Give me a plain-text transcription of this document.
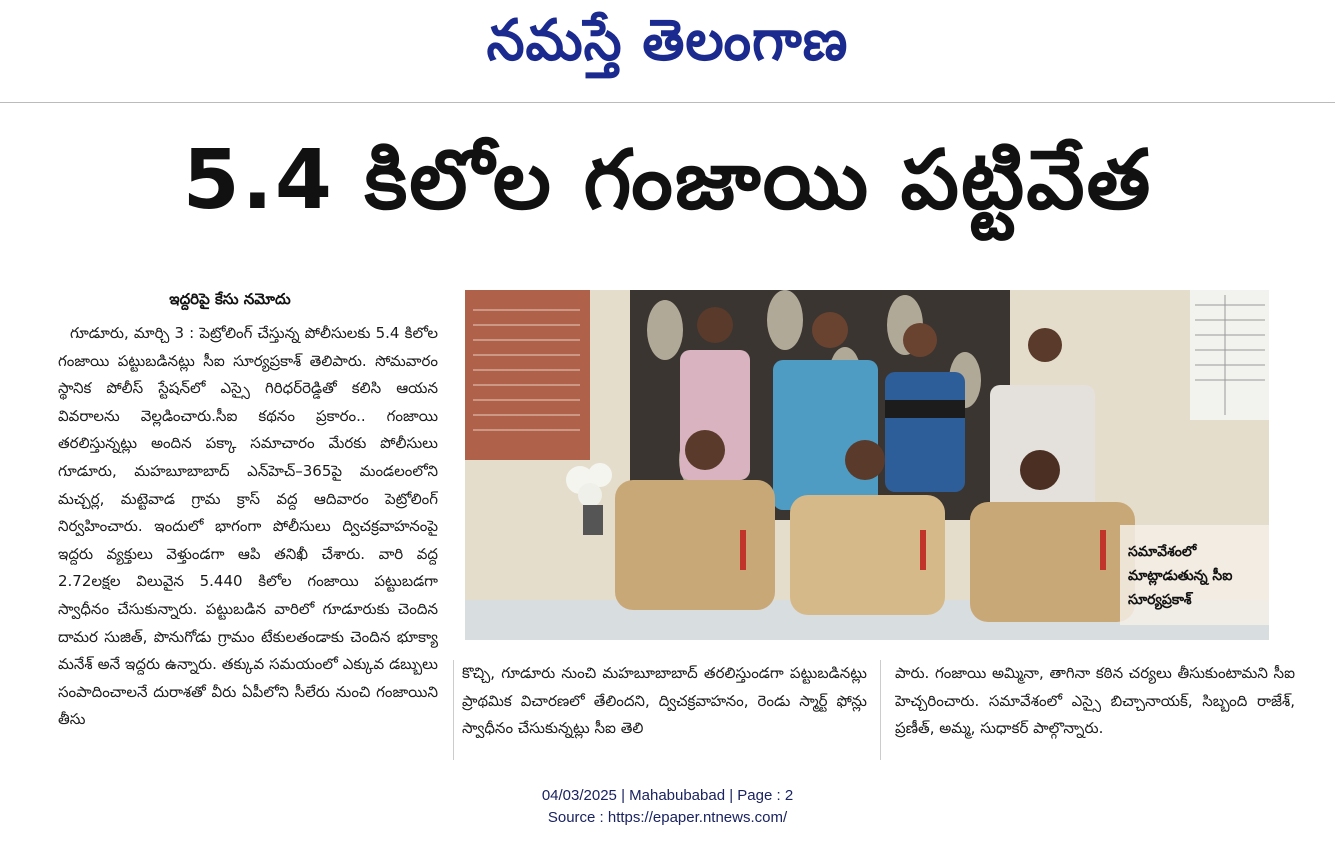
నమస్తే తెలంగాణ
5.4 కిలోల గంజాయి పట్టివేత
ఇద్దరిపై కేసు నమోదు

గూడూరు, మార్చి 3 : పెట్రోలింగ్ చేస్తున్న పోలీసులకు 5.4 కిలోల గంజాయి పట్టుబడినట్లు సీఐ సూర్యప్రకాశ్ తెలిపారు. సోమవారం స్థానిక పోలీస్ స్టేషన్‌లో ఎస్సై గిరిధర్‌రెడ్డితో కలిసి ఆయన వివరాలను వెల్లడించారు.సీఐ కథనం ప్రకారం.. గంజాయి తరలిస్తున్నట్లు అందిన పక్కా సమాచారం మేరకు పోలీసులు గూడూరు, మహబూబాబాద్ ఎన్‌హెచ్–365పై మండలంలోని మచ్చర్ల, మట్టెవాడ గ్రామ క్రాస్ వద్ద ఆదివారం పెట్రోలింగ్ నిర్వహించారు. ఇందులో భాగంగా పోలీసులు ద్విచక్రవాహనంపై ఇద్దరు వ్యక్తులు వెళ్తుండగా ఆపి తనిఖీ చేశారు. వారి వద్ద 2.72లక్షల విలువైన 5.440 కిలోల గంజాయి పట్టుబడగా స్వాధీనం చేసుకున్నారు. పట్టుబడిన వారిలో గూడూరుకు చెందిన దామర సుజిత్, పొనుగోడు గ్రామం టేకులతండాకు చెందిన భూక్యా మనేశ్ అనే ఇద్దరు ఉన్నారు. తక్కువ సమయంలో ఎక్కువ డబ్బులు సంపాదించాలనే దురాశతో వీరు ఏపీలోని సీలేరు నుంచి గంజాయిని తీసు

సమావేశంలో మాట్లాడుతున్న సీఐ సూర్యప్రకాశ్

కొచ్చి, గూడూరు నుంచి మహబూబాబాద్ తరలిస్తుండగా పట్టుబడినట్లు ప్రాథమిక విచారణలో తేలిందని, ద్విచక్రవాహనం, రెండు స్మార్ట్ ఫోన్లు స్వాధీనం చేసుకున్నట్లు సీఐ తెలి

పారు. గంజాయి అమ్మినా, తాగినా కఠిన చర్యలు తీసుకుంటామని సీఐ హెచ్చరించారు. సమావేశంలో ఎస్సై బిచ్చానాయక్, సిబ్బంది రాజేశ్, ప్రణీత్, అమ్మ, సుధాకర్ పాల్గొన్నారు.

04/03/2025 | Mahabubabad | Page : 2
Source : https://epaper.ntnews.com/
